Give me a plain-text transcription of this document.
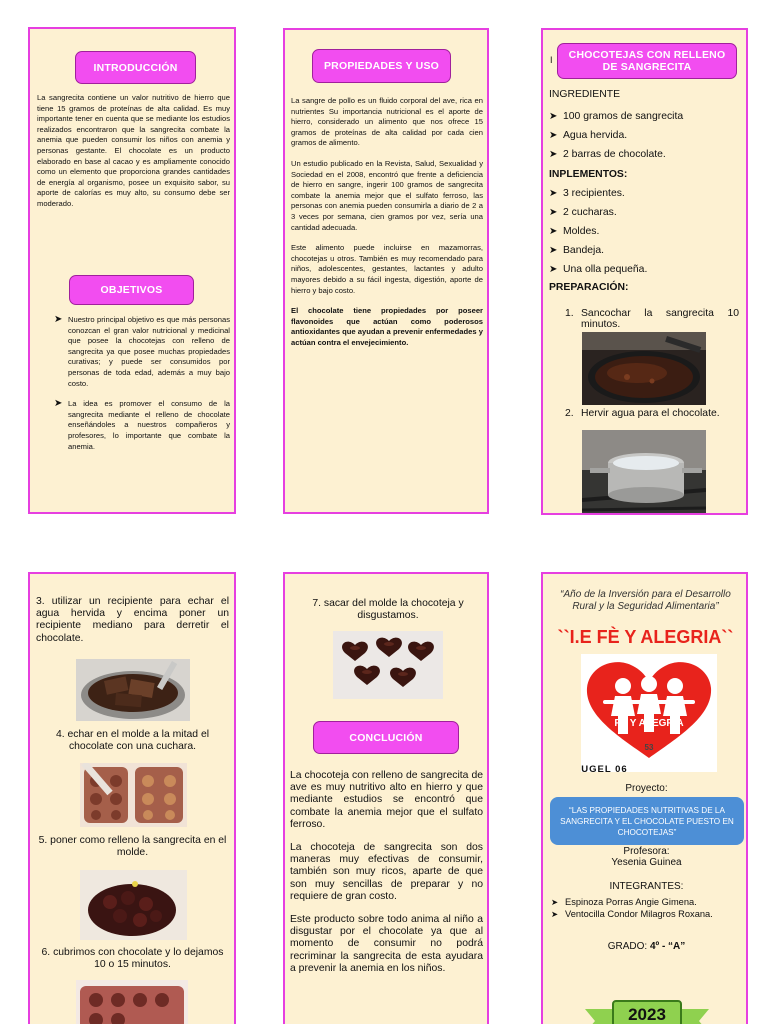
INTRODUCCIÓN
La sangrecita contiene un valor nutritivo de hierro que tiene 15 gramos de proteínas de alta calidad. Es muy importante tener en cuenta que se mediante los estudios realizados encontraron que la sangrecita combate la anemia que pueden consumir los niños con anemia y personas gestante. El chocolate es un producto elaborado en base al cacao y es ampliamente conocido como un elemento que proporciona grandes cantidades de energía al organismo, posee un exquisito sabor, su aporte de calorías es muy alto, su consumo debe ser moderado.
OBJETIVOS
➤ Nuestro principal objetivo es que más personas conozcan el gran valor nutricional y medicinal que posee la chocotejas con relleno de sangrecita ya que posee muchas propiedades curativas; y puede ser consumidos por personas de toda edad, además a muy bajo costo.
➤ La idea es promover el consumo de la sangrecita mediante el relleno de chocolate enseñándoles a nuestros compañeros y profesores, lo importante que combate la anemia.
PROPIEDADES Y USO

La sangre de pollo es un fluido corporal del ave, rica en nutrientes Su importancia nutricional es el aporte de hierro, considerado un alimento que nos ofrece 15 gramos de proteínas de alta calidad por cada cien gramos de alimento.

Un estudio publicado en la Revista, Salud, Sexualidad y Sociedad en el 2008, encontró que frente a deficiencia de hierro en sangre, ingerir 100 gramos de sangrecita combate la anemia mejor que el sulfato ferroso, las personas con anemia pueden consumirla a diario de 2 a 3 veces por semana, cien gramos por vez, sería una cantidad adecuada.

Este alimento puede incluirse en mazamorras, chocotejas u otros. También es muy recomendado para niños, adolescentes, gestantes, lactantes y adulto mayores debido a su fácil ingesta, digestión, aporte de hierro y bajo costo.

El chocolate tiene propiedades por poseer flavonoides que actúan como poderosos antioxidantes que ayudan a prevenir enfermedades y actúan contra el envejecimiento.

I	CHOCOTEJAS CON RELLENO DE SANGRECITA
INGREDIENTE
➤ 100 gramos de sangrecita
➤ Agua hervida.
➤ 2 barras de chocolate.
INPLEMENTOS:
➤ 3 recipientes.
➤ 2 cucharas.
➤ Moldes.
➤ Bandeja.
➤ Una olla pequeña.
PREPARACIÓN:
1. Sancochar la sangrecita 10 minutos.
2. Hervir agua para el chocolate.
3. utilizar un recipiente para echar el agua hervida y encima poner un recipiente mediano para derretir el chocolate.
4. echar en el molde a la mitad el chocolate con una cuchara.
5. poner como relleno la sangrecita en el molde.
6. cubrimos con chocolate y lo dejamos 10 o 15 minutos.
7. sacar del molde la chocoteja y disgustamos.
CONCLUCIÓN

La chocoteja con relleno de sangrecita de ave es muy nutritivo alto en hierro y que mediante estudios se encontró que combate la anemia mejor que el sulfato ferroso.

La chocoteja de sangrecita son dos maneras muy efectivas de consumir, también son muy ricos, aparte de que son muy sencillas de preparar y no requiere de gran costo.

Este producto sobre todo anima al niño a disgustar por el chocolate ya que al momento de consumir no podrá recriminar la sangrecita de esta ayudara a prevenir la anemia en los niños.

“Año de la Inversión para el Desarrollo Rural y la Seguridad Alimentaria”
``I.E FÈ Y ALEGRIA``
FE Y ALEGRIA
53
UGEL 06
Proyecto:
“LAS PROPIEDADES NUTRITIVAS DE LA SANGRECITA Y EL CHOCOLATE PUESTO EN CHOCOTEJAS”
Profesora:
Yesenia Guinea
INTEGRANTES:
➤ Espinoza Porras Angie Gimena.
➤ Ventocilla Condor Milagros Roxana.
GRADO: 4º - “A”
2023
